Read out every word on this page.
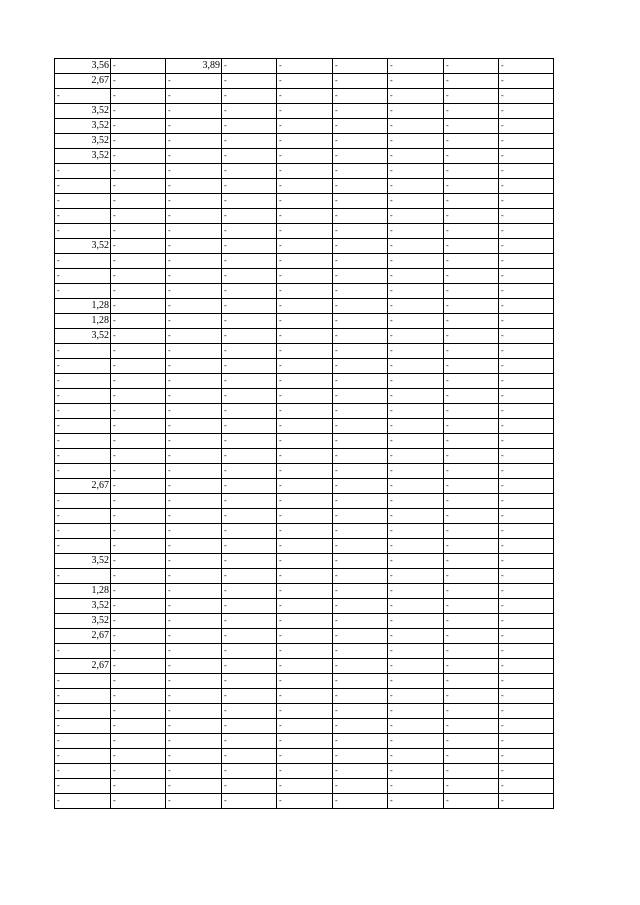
3,56	-	3,89	-	-	-	-	-	-
2,67	-	-	-	-	-	-	-	-
-	-	-	-	-	-	-	-	-
3,52	-	-	-	-	-	-	-	-
3,52	-	-	-	-	-	-	-	-
3,52	-	-	-	-	-	-	-	-
3,52	-	-	-	-	-	-	-	-
-	-	-	-	-	-	-	-	-
-	-	-	-	-	-	-	-	-
-	-	-	-	-	-	-	-	-
-	-	-	-	-	-	-	-	-
-	-	-	-	-	-	-	-	-
3,52	-	-	-	-	-	-	-	-
-	-	-	-	-	-	-	-	-
-	-	-	-	-	-	-	-	-
-	-	-	-	-	-	-	-	-
1,28	-	-	-	-	-	-	-	-
1,28	-	-	-	-	-	-	-	-
3,52	-	-	-	-	-	-	-	-
-	-	-	-	-	-	-	-	-
-	-	-	-	-	-	-	-	-
-	-	-	-	-	-	-	-	-
-	-	-	-	-	-	-	-	-
-	-	-	-	-	-	-	-	-
-	-	-	-	-	-	-	-	-
-	-	-	-	-	-	-	-	-
-	-	-	-	-	-	-	-	-
-	-	-	-	-	-	-	-	-
2,67	-	-	-	-	-	-	-	-
-	-	-	-	-	-	-	-	-
-	-	-	-	-	-	-	-	-
-	-	-	-	-	-	-	-	-
-	-	-	-	-	-	-	-	-
3,52	-	-	-	-	-	-	-	-
-	-	-	-	-	-	-	-	-
1,28	-	-	-	-	-	-	-	-
3,52	-	-	-	-	-	-	-	-
3,52	-	-	-	-	-	-	-	-
2,67	-	-	-	-	-	-	-	-
-	-	-	-	-	-	-	-	-
2,67	-	-	-	-	-	-	-	-
-	-	-	-	-	-	-	-	-
-	-	-	-	-	-	-	-	-
-	-	-	-	-	-	-	-	-
-	-	-	-	-	-	-	-	-
-	-	-	-	-	-	-	-	-
-	-	-	-	-	-	-	-	-
-	-	-	-	-	-	-	-	-
-	-	-	-	-	-	-	-	-
-	-	-	-	-	-	-	-	-
